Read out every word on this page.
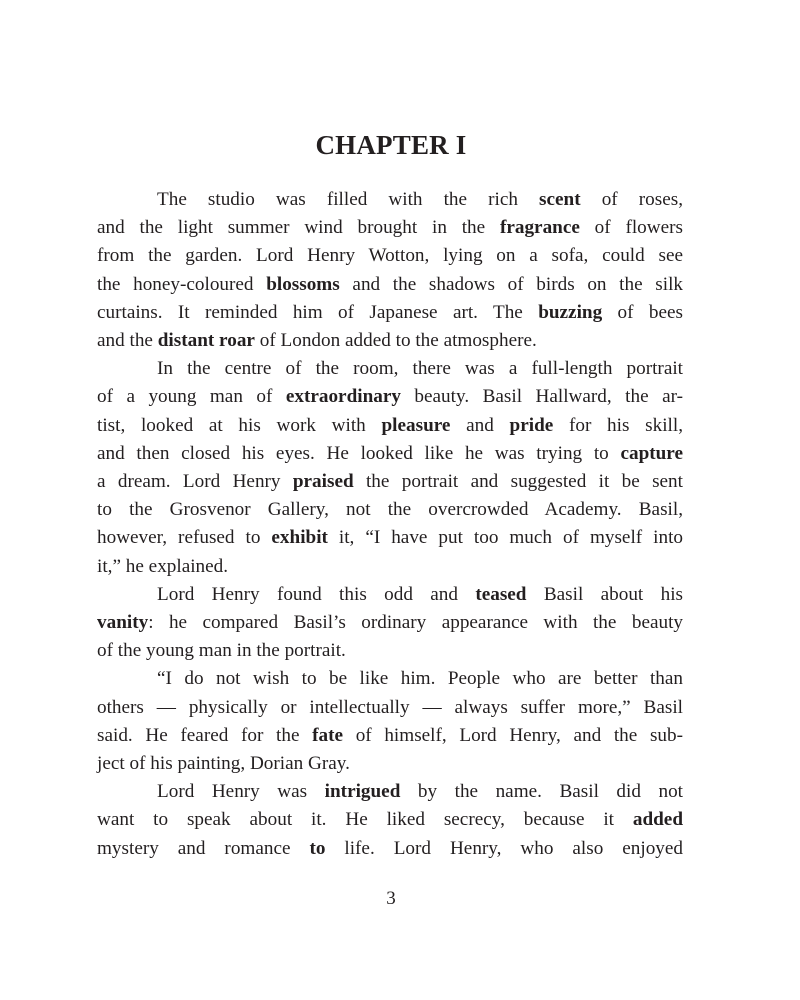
CHAPTER I
The studio was filled with the rich scent of roses,
and the light summer wind brought in the fragrance of flowers
from the garden. Lord Henry Wotton, lying on a sofa, could see
the honey-coloured blossoms and the shadows of birds on the silk
curtains. It reminded him of Japanese art. The buzzing of bees
and the distant roar of London added to the atmosphere.
In the centre of the room, there was a full-length portrait
of a young man of extraordinary beauty. Basil Hallward, the ar-
tist, looked at his work with pleasure and pride for his skill,
and then closed his eyes. He looked like he was trying to capture
a dream. Lord Henry praised the portrait and suggested it be sent
to the Grosvenor Gallery, not the overcrowded Academy. Basil,
however, refused to exhibit it, “I have put too much of myself into
it,” he explained.
Lord Henry found this odd and teased Basil about his
vanity: he compared Basil’s ordinary appearance with the beauty
of the young man in the portrait.
“I do not wish to be like him. People who are better than
others — physically or intellectually — always suffer more,” Basil
said. He feared for the fate of himself, Lord Henry, and the sub-
ject of his painting, Dorian Gray.
Lord Henry was intrigued by the name. Basil did not
want to speak about it. He liked secrecy, because it added
mystery and romance to life. Lord Henry, who also enjoyed
3
